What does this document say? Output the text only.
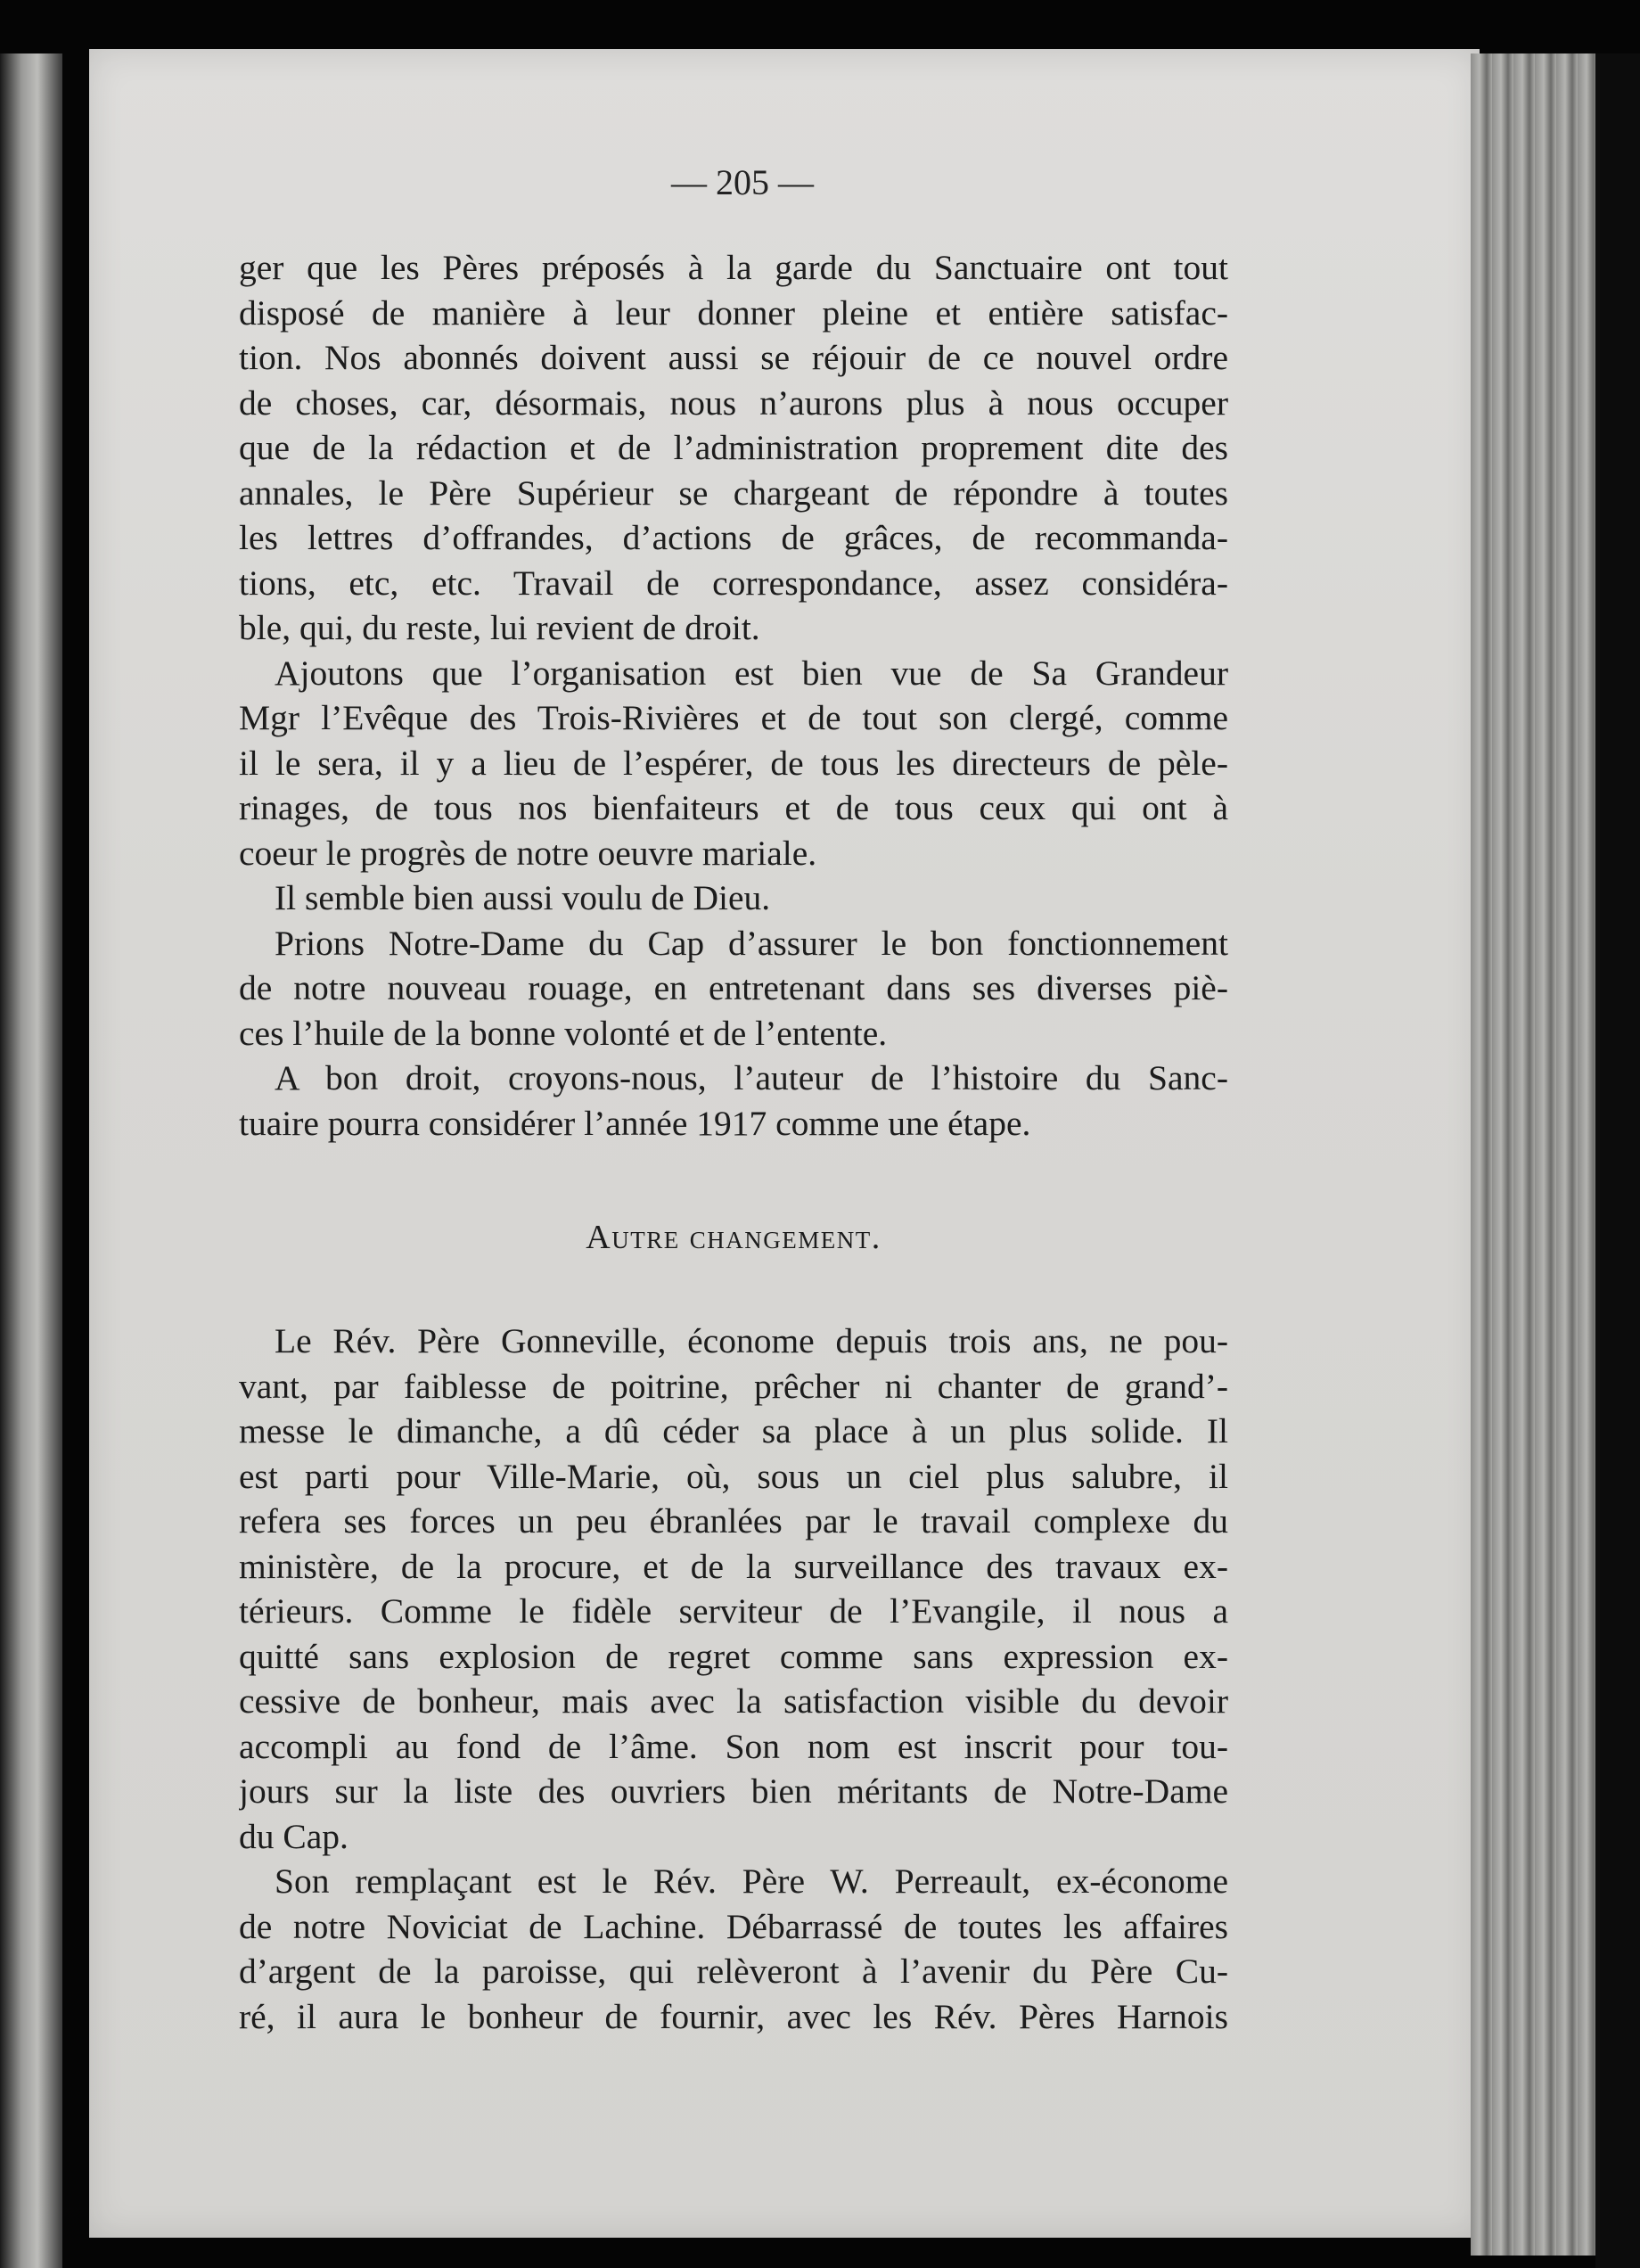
— 205 —
ger que les Pères préposés à la garde du Sanctuaire ont tout
disposé de manière à leur donner pleine et entière satisfac-
tion. Nos abonnés doivent aussi se réjouir de ce nouvel ordre
de choses, car, désormais, nous n’aurons plus à nous occuper
que de la rédaction et de l’administration proprement dite des
annales, le Père Supérieur se chargeant de répondre à toutes
les lettres d’offrandes, d’actions de grâces, de recommanda-
tions, etc, etc. Travail de correspondance, assez considéra-
ble, qui, du reste, lui revient de droit.
Ajoutons que l’organisation est bien vue de Sa Grandeur
Mgr l’Evêque des Trois-Rivières et de tout son clergé, comme
il le sera, il y a lieu de l’espérer, de tous les directeurs de pèle-
rinages, de tous nos bienfaiteurs et de tous ceux qui ont à
coeur le progrès de notre oeuvre mariale.
Il semble bien aussi voulu de Dieu.
Prions Notre-Dame du Cap d’assurer le bon fonctionnement
de notre nouveau rouage, en entretenant dans ses diverses piè-
ces l’huile de la bonne volonté et de l’entente.
A bon droit, croyons-nous, l’auteur de l’histoire du Sanc-
tuaire pourra considérer l’année 1917 comme une étape.
Autre changement.
Le Rév. Père Gonneville, économe depuis trois ans, ne pou-
vant, par faiblesse de poitrine, prêcher ni chanter de grand’-
messe le dimanche, a dû céder sa place à un plus solide. Il
est parti pour Ville-Marie, où, sous un ciel plus salubre, il
refera ses forces un peu ébranlées par le travail complexe du
ministère, de la procure, et de la surveillance des travaux ex-
térieurs. Comme le fidèle serviteur de l’Evangile, il nous a
quitté sans explosion de regret comme sans expression ex-
cessive de bonheur, mais avec la satisfaction visible du devoir
accompli au fond de l’âme. Son nom est inscrit pour tou-
jours sur la liste des ouvriers bien méritants de Notre-Dame
du Cap.
Son remplaçant est le Rév. Père W. Perreault, ex-économe
de notre Noviciat de Lachine. Débarrassé de toutes les affaires
d’argent de la paroisse, qui relèveront à l’avenir du Père Cu-
ré, il aura le bonheur de fournir, avec les Rév. Pères Harnois
